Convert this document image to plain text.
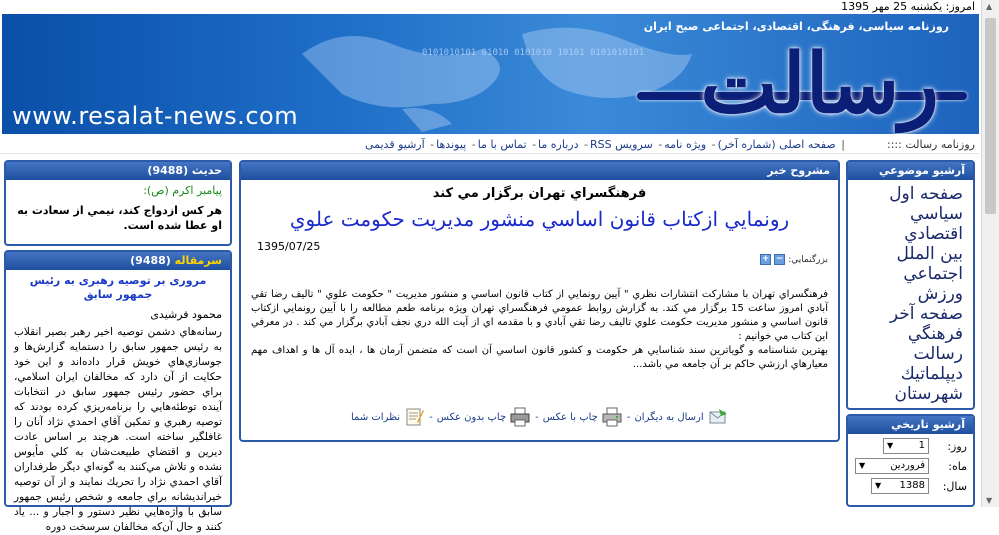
امروز: یکشنبه 25 مهر 1395
0101010101 01010 0101010 10101 0101010101
روزنامه سیاسی، فرهنگی، اقتصادی، اجتماعی صبح ایران
رسالت
www.resalat-news.com
روزنامه رسالت ::::
| صفحه اصلی (شماره آخر)- ویژه نامه- سرویس RSS- درباره ما- تماس با ما- پیوندها- آرشیو قدیمی
حدیث (9488)
پیامبر اکرم (ص):
هر كس ازدواج كند، نيمي از سعادت به او عطا شده است.
سرمقاله (9488)
مروری بر توصیه رهبری به رئیس جمهور سابق
محمود فرشیدی
رسانه‌هاي دشمن توصيه اخير رهبر بصير انقلاب به رئيس جمهور سابق را دستمايه گزارش‌ها و جوسازي‌هاي خويش قرار داده‌اند و اين خود حكايت از آن دارد كه مخالفان ايران اسلامي، براي حضور رئيس جمهور سابق در انتخابات آينده توطئه‌هايي را برنامه‌ريزي كرده بودند كه توصيه رهبري و تمكين آقاي احمدي نژاد آنان را غافلگير ساخته است. هرچند بر اساس عادت ديرين و اقتضاي طبيعت‌شان به كلي مأيوس نشده و تلاش مي‌كنند به گونه‌اي ديگر طرفداران آقاي احمدي نژاد را تحريك نمايند و از آن توصيه خيرانديشانه براي جامعه و شخص رئيس جمهور سابق با واژه‌هايي نظير دستور و اجبار و ... ياد كنند و حال آن‌كه مخالفان سرسخت دوره
مشروح خبر
فرهنگسراي تهران برگزار مي كند
رونمايي ازكتاب قانون اساسي منشور مديريت حكومت علوي
1395/07/25
بزرگنمايي:
−
+

فرهنگسراي تهران با مشاركت انتشارات نظري " آيين رونمايي از كتاب قانون اساسي و منشور مديريت " حكومت علوي " تاليف رضا تقي آبادي امروز ساعت 15 برگزار مي كند. به گزارش روابط عمومي فرهنگسراي تهران ويژه برنامه طعم مطالعه را با آيين رونمايي ازكتاب قانون اساسي و منشور مديريت حكومت علوي تاليف رضا تقي آبادي و با مقدمه اي از آيت الله دري نجف آبادي برگزار مي كند . در معرفي اين كتاب مي خوانيم :

بهترين شناسنامه و گوياترين سند شناسايي هر حكومت و كشور قانون اساسي آن است كه متضمن آرمان ها ، ايده آل ها و اهداف مهم معيارهاي ارزشي حاكم بر آن جامعه مي باشد...

ارسال به ديگران
-
چاپ با عكس
-
چاپ بدون عكس
-
نظرات شما
آرشيو موضوعي
صفحه اول
سياسي
اقتصادي
بين الملل
اجتماعي
ورزش
صفحه آخر
فرهنگي
رسالت
ديپلماتيك
شهرستان
آرشيو تاريخي
روز:
1
▼
ماه:
فروردين
▼
سال:
1388
▼
▲
▼
